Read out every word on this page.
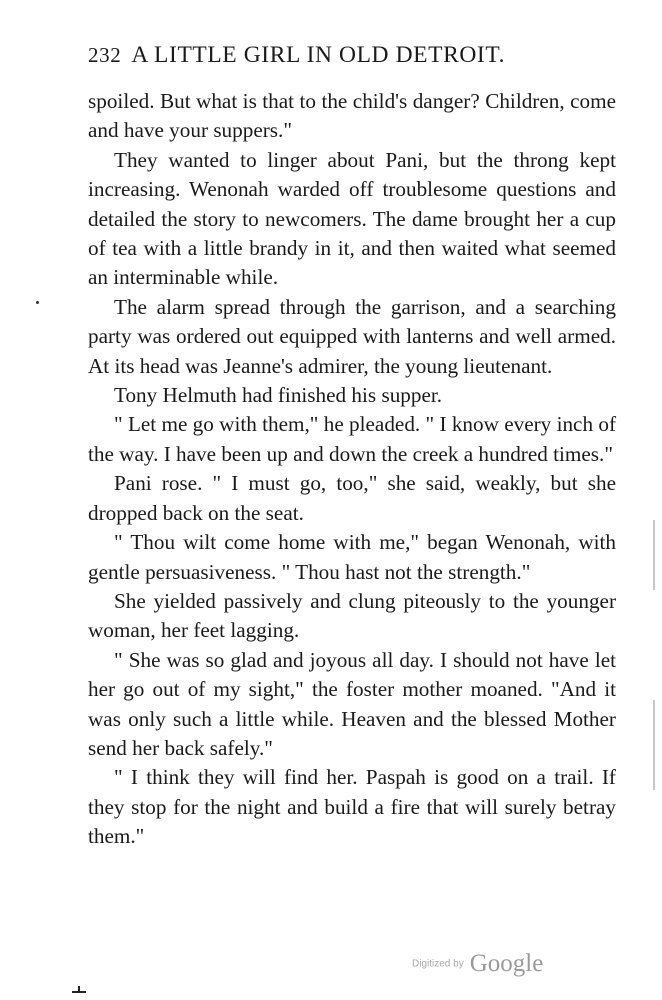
232 A LITTLE GIRL IN OLD DETROIT.

spoiled. But what is that to the child's danger? Children, come and have your suppers."

They wanted to linger about Pani, but the throng kept increasing. Wenonah warded off troublesome questions and detailed the story to newcomers. The dame brought her a cup of tea with a little brandy in it, and then waited what seemed an interminable while.

The alarm spread through the garrison, and a searching party was ordered out equipped with lanterns and well armed. At its head was Jeanne's admirer, the young lieutenant.

Tony Helmuth had finished his supper.

" Let me go with them," he pleaded. " I know every inch of the way. I have been up and down the creek a hundred times."

Pani rose. " I must go, too," she said, weakly, but she dropped back on the seat.

" Thou wilt come home with me," began Wenonah, with gentle persuasiveness. " Thou hast not the strength."

She yielded passively and clung piteously to the younger woman, her feet lagging.

" She was so glad and joyous all day. I should not have let her go out of my sight," the foster mother moaned. "And it was only such a little while. Heaven and the blessed Mother send her back safely."

" I think they will find her. Paspah is good on a trail. If they stop for the night and build a fire that will surely betray them."

Digitized by Google
